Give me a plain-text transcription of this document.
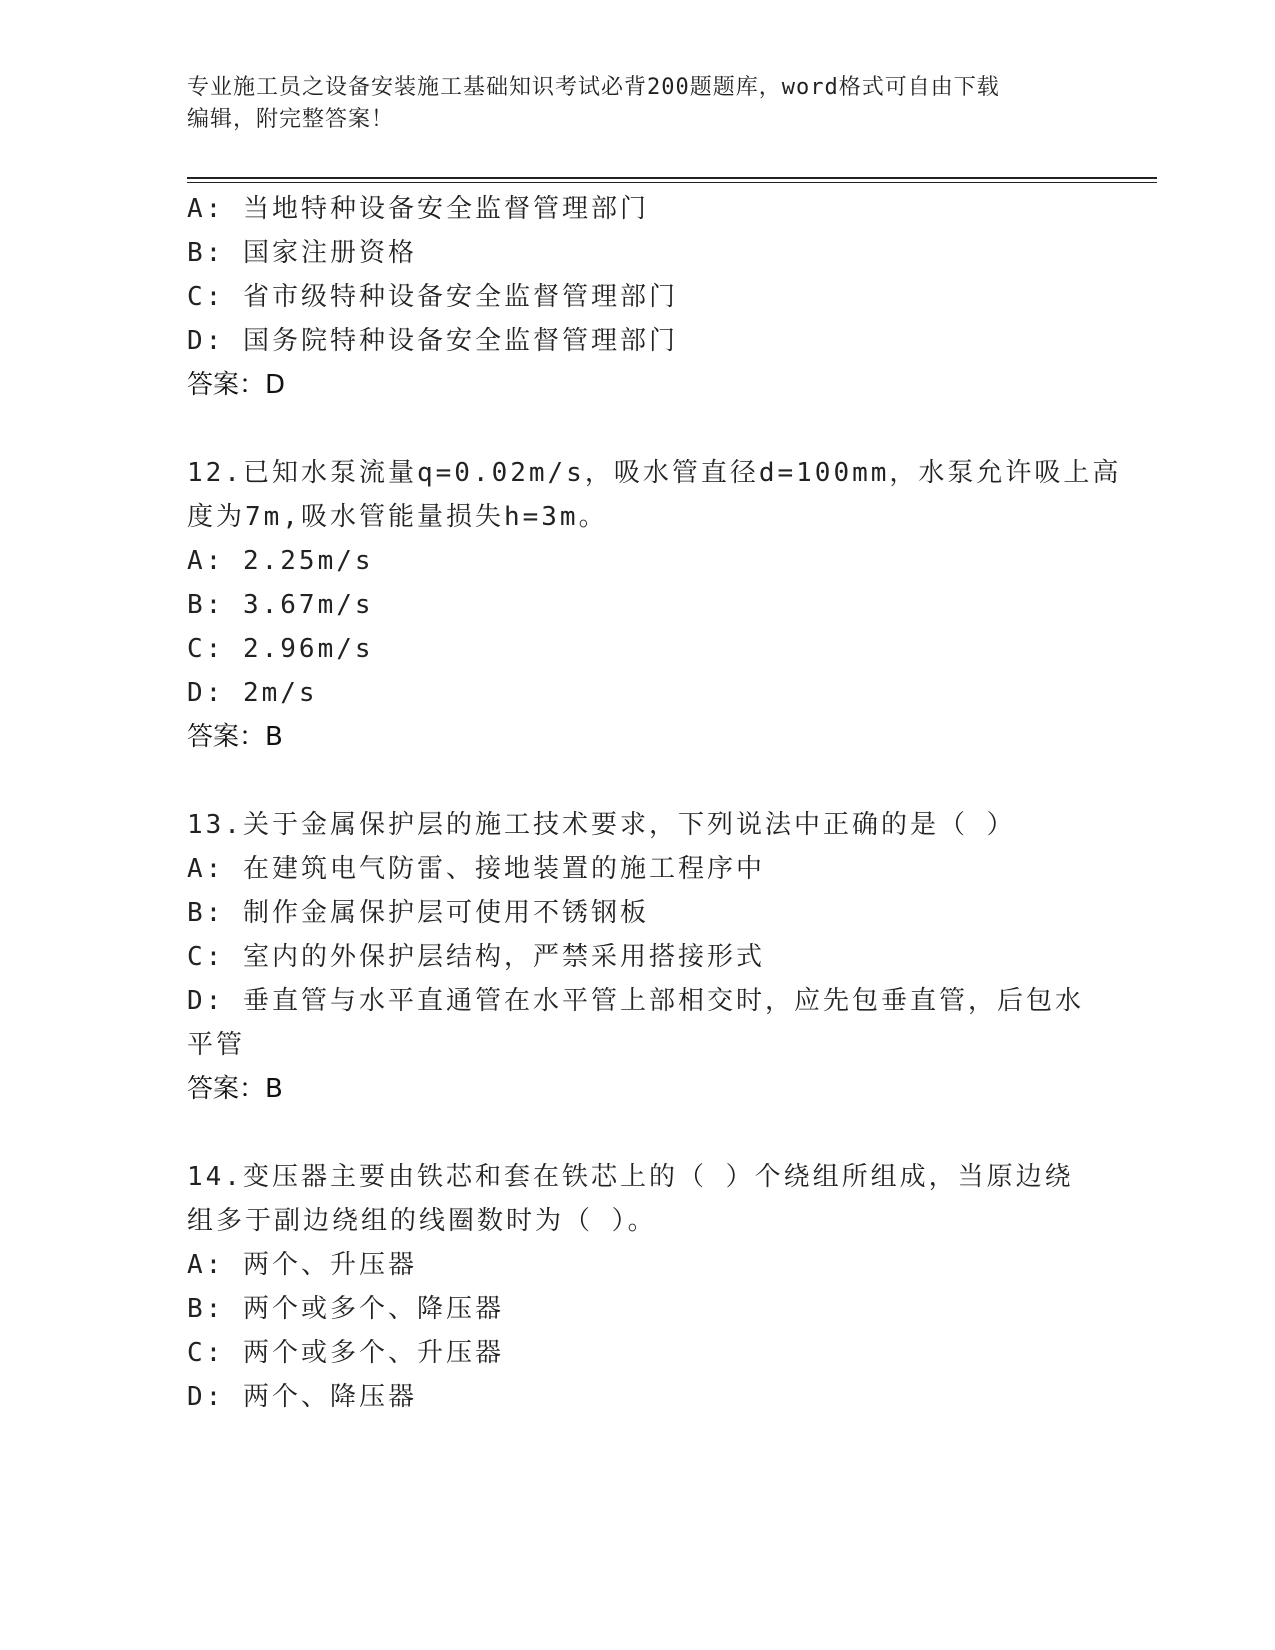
专业施工员之设备安装施工基础知识考试必背200题题库，word格式可自由下载
编辑，附完整答案！
A: 当地特种设备安全监督管理部门
B: 国家注册资格
C: 省市级特种设备安全监督管理部门
D: 国务院特种设备安全监督管理部门
答案：D
12.已知水泵流量q=0.02m/s，吸水管直径d=100mm，水泵允许吸上高
度为7m,吸水管能量损失h=3m。
A: 2.25m/s
B: 3.67m/s
C: 2.96m/s
D: 2m/s
答案：B
13.关于金属保护层的施工技术要求，下列说法中正确的是（ ）
A: 在建筑电气防雷、接地装置的施工程序中
B: 制作金属保护层可使用不锈钢板
C: 室内的外保护层结构，严禁采用搭接形式
D: 垂直管与水平直通管在水平管上部相交时，应先包垂直管，后包水
平管
答案：B
14.变压器主要由铁芯和套在铁芯上的（ ）个绕组所组成，当原边绕
组多于副边绕组的线圈数时为（ ）。
A: 两个、升压器
B: 两个或多个、降压器
C: 两个或多个、升压器
D: 两个、降压器
